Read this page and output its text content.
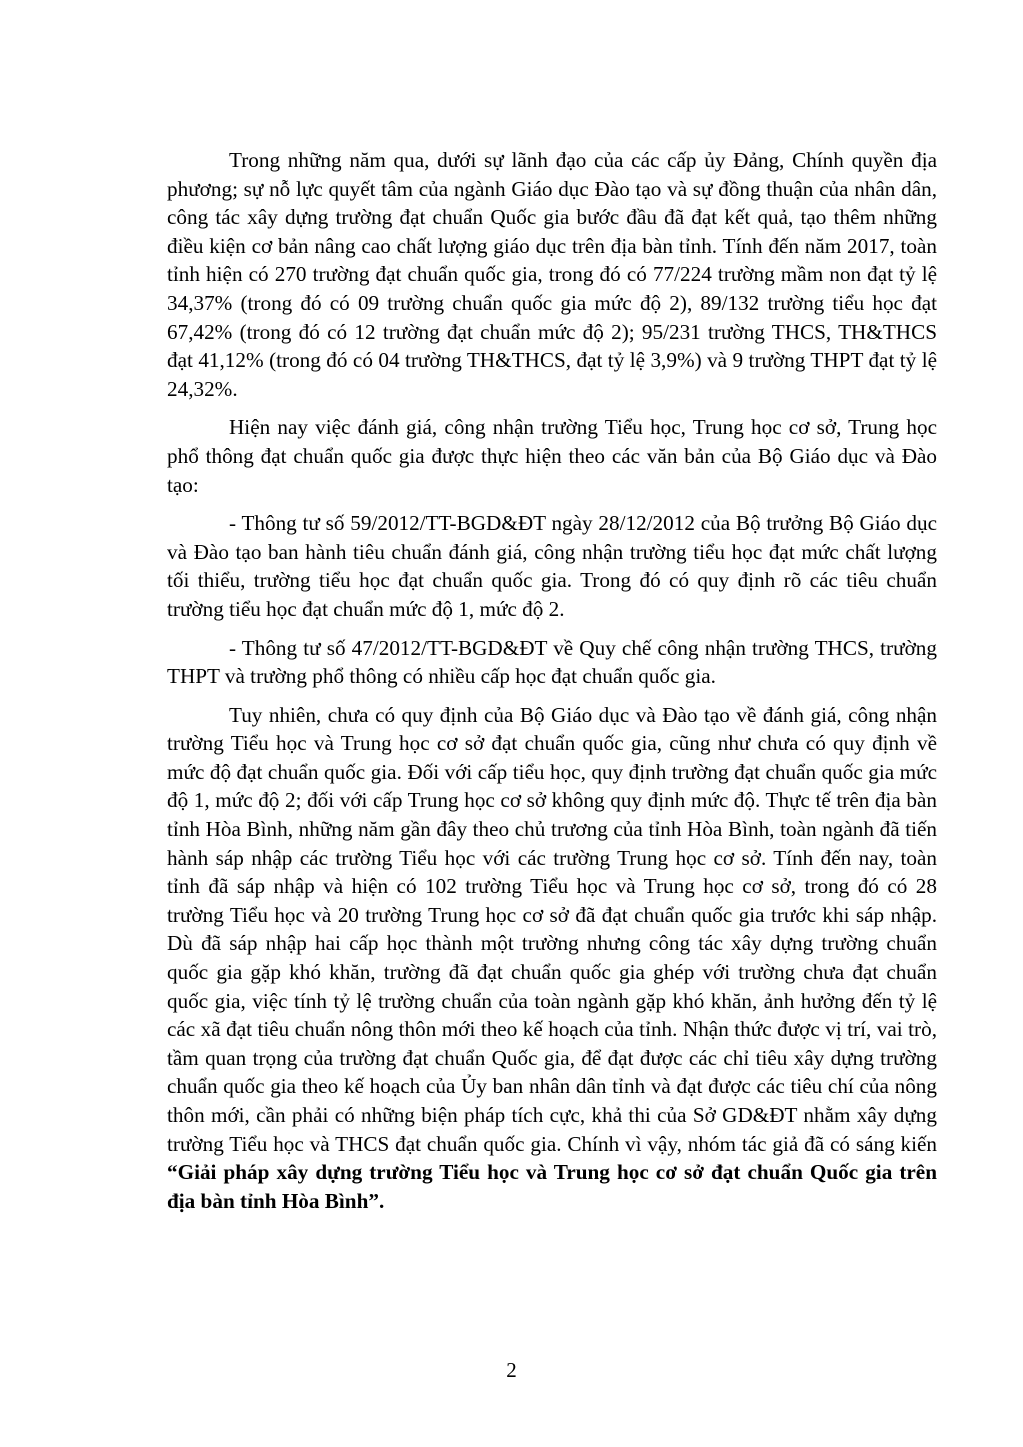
Trong những năm qua, dưới sự lãnh đạo của các cấp ủy Đảng, Chính quyền địa phương; sự nỗ lực quyết tâm của ngành Giáo dục Đào tạo và sự đồng thuận của nhân dân, công tác xây dựng trường đạt chuẩn Quốc gia bước đầu đã đạt kết quả, tạo thêm những điều kiện cơ bản nâng cao chất lượng giáo dục trên địa bàn tỉnh. Tính đến năm 2017, toàn tỉnh hiện có 270 trường đạt chuẩn quốc gia, trong đó có 77/224 trường mầm non đạt tỷ lệ 34,37% (trong đó có 09 trường chuẩn quốc gia mức độ 2), 89/132 trường tiểu học đạt 67,42% (trong đó có 12 trường đạt chuẩn mức độ 2); 95/231 trường THCS, TH&THCS đạt 41,12% (trong đó có 04 trường TH&THCS, đạt tỷ lệ 3,9%) và 9 trường THPT đạt tỷ lệ 24,32%.

Hiện nay việc đánh giá, công nhận trường Tiểu học, Trung học cơ sở, Trung học phổ thông đạt chuẩn quốc gia được thực hiện theo các văn bản của Bộ Giáo dục và Đào tạo:

- Thông tư số 59/2012/TT-BGD&ĐT ngày 28/12/2012 của Bộ trưởng Bộ Giáo dục và Đào tạo ban hành tiêu chuẩn đánh giá, công nhận trường tiểu học đạt mức chất lượng tối thiểu, trường tiểu học đạt chuẩn quốc gia. Trong đó có quy định rõ các tiêu chuẩn trường tiểu học đạt chuẩn mức độ 1, mức độ 2.

- Thông tư số 47/2012/TT-BGD&ĐT về Quy chế công nhận trường THCS, trường THPT và trường phổ thông có nhiều cấp học đạt chuẩn quốc gia.

Tuy nhiên, chưa có quy định của Bộ Giáo dục và Đào tạo về đánh giá, công nhận trường Tiểu học và Trung học cơ sở đạt chuẩn quốc gia, cũng như chưa có quy định về mức độ đạt chuẩn quốc gia. Đối với cấp tiểu học, quy định trường đạt chuẩn quốc gia mức độ 1, mức độ 2; đối với cấp Trung học cơ sở không quy định mức độ. Thực tế trên địa bàn tỉnh Hòa Bình, những năm gần đây theo chủ trương của tỉnh Hòa Bình, toàn ngành đã tiến hành sáp nhập các trường Tiểu học với các trường Trung học cơ sở. Tính đến nay, toàn tỉnh đã sáp nhập và hiện có 102 trường Tiểu học và Trung học cơ sở, trong đó có 28 trường Tiểu học và 20 trường Trung học cơ sở đã đạt chuẩn quốc gia trước khi sáp nhập. Dù đã sáp nhập hai cấp học thành một trường nhưng công tác xây dựng trường chuẩn quốc gia gặp khó khăn, trường đã đạt chuẩn quốc gia ghép với trường chưa đạt chuẩn quốc gia, việc tính tỷ lệ trường chuẩn của toàn ngành gặp khó khăn, ảnh hưởng đến tỷ lệ các xã đạt tiêu chuẩn nông thôn mới theo kế hoạch của tỉnh. Nhận thức được vị trí, vai trò, tầm quan trọng của trường đạt chuẩn Quốc gia, để đạt được các chỉ tiêu xây dựng trường chuẩn quốc gia theo kế hoạch của Ủy ban nhân dân tỉnh và đạt được các tiêu chí của nông thôn mới, cần phải có những biện pháp tích cực, khả thi của Sở GD&ĐT nhằm xây dựng trường Tiểu học và THCS đạt chuẩn quốc gia. Chính vì vậy, nhóm tác giả đã có sáng kiến “Giải pháp xây dựng trường Tiểu học và Trung học cơ sở đạt chuẩn Quốc gia trên địa bàn tỉnh Hòa Bình”.

2
